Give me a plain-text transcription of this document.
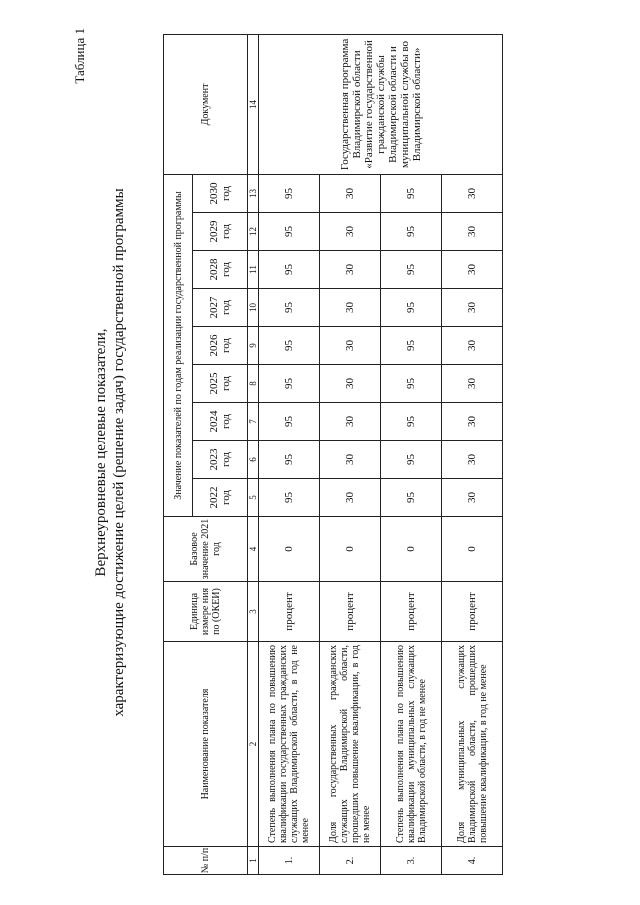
Таблица 1
Верхнеуровневые целевые показатели, характеризующие достижение целей (решение задач) государственной программы
№ п/п	Наименование показателя	Единица измере ния по (ОКЕИ)	Базовое значение 2021 год	Значение показателей по годам реализации государственной программы									Документ
				2022 год	2023 год	2024 год	2025 год	2026 год	2027 год	2028 год	2029 год	2030 год	
1	2	3	4	5	6	7	8	9	10	11	12	13	14
1.	Степень выполнения плана по повышению квалификации государственных гражданских служащих Владимирской области, в год не менее	процент	0	95	95	95	95	95	95	95	95	95	Государственная программа Владимирской области «Развитие государственной гражданской службы Владимирской области и муниципальной службы во Владимирской области»
2.	Доля государственных гражданских служащих Владимирской области, прошедших повышение квалификации, в год не менее	процент	0	30	30	30	30	30	30	30	30	30	
3.	Степень выполнения плана по повышению квалификации муниципальных служащих Владимирской области, в год не менее	процент	0	95	95	95	95	95	95	95	95	95	
4.	Доля муниципальных служащих Владимирской области, прошедших повышение квалификации, в год не менее	процент	0	30	30	30	30	30	30	30	30	30	
